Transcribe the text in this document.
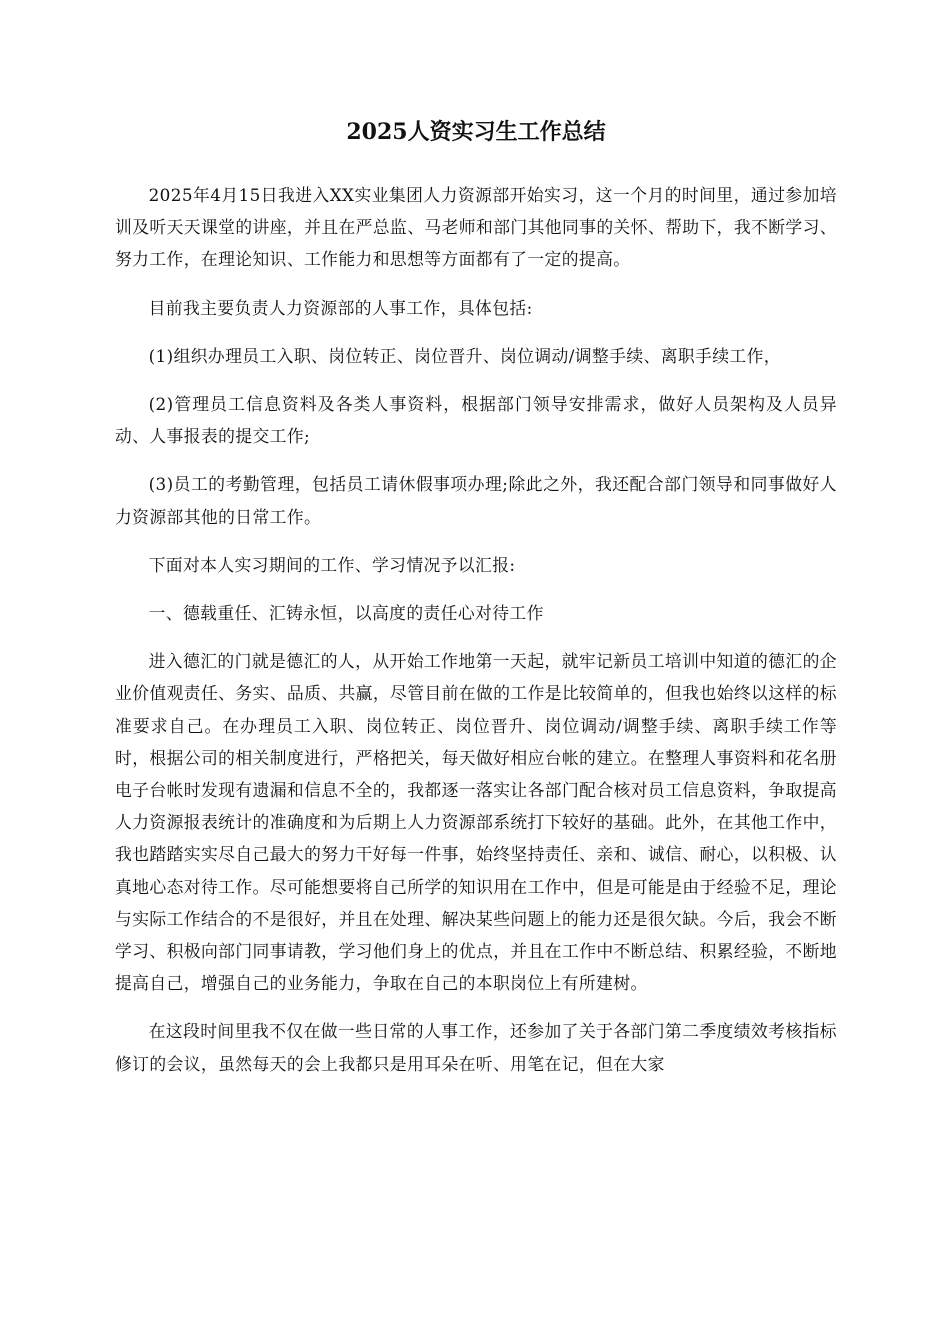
2025人资实习生工作总结

2025年4月15日我进入XX实业集团人力资源部开始实习，这一个月的时间里，通过参加培训及听天天课堂的讲座，并且在严总监、马老师和部门其他同事的关怀、帮助下，我不断学习、努力工作，在理论知识、工作能力和思想等方面都有了一定的提高。

目前我主要负责人力资源部的人事工作，具体包括:

(1)组织办理员工入职、岗位转正、岗位晋升、岗位调动/调整手续、离职手续工作，

(2)管理员工信息资料及各类人事资料，根据部门领导安排需求，做好人员架构及人员异动、人事报表的提交工作;

(3)员工的考勤管理，包括员工请休假事项办理;除此之外，我还配合部门领导和同事做好人力资源部其他的日常工作。

下面对本人实习期间的工作、学习情况予以汇报:

一、德载重任、汇铸永恒，以高度的责任心对待工作

进入德汇的门就是德汇的人，从开始工作地第一天起，就牢记新员工培训中知道的德汇的企业价值观责任、务实、品质、共赢，尽管目前在做的工作是比较简单的，但我也始终以这样的标准要求自己。在办理员工入职、岗位转正、岗位晋升、岗位调动/调整手续、离职手续工作等时，根据公司的相关制度进行，严格把关，每天做好相应台帐的建立。在整理人事资料和花名册电子台帐时发现有遗漏和信息不全的，我都逐一落实让各部门配合核对员工信息资料，争取提高人力资源报表统计的准确度和为后期上人力资源部系统打下较好的基础。此外，在其他工作中，我也踏踏实实尽自己最大的努力干好每一件事，始终坚持责任、亲和、诚信、耐心，以积极、认真地心态对待工作。尽可能想要将自己所学的知识用在工作中，但是可能是由于经验不足，理论与实际工作结合的不是很好，并且在处理、解决某些问题上的能力还是很欠缺。今后，我会不断学习、积极向部门同事请教，学习他们身上的优点，并且在工作中不断总结、积累经验，不断地提高自己，增强自己的业务能力，争取在自己的本职岗位上有所建树。

在这段时间里我不仅在做一些日常的人事工作，还参加了关于各部门第二季度绩效考核指标修订的会议，虽然每天的会上我都只是用耳朵在听、用笔在记，但在大家
